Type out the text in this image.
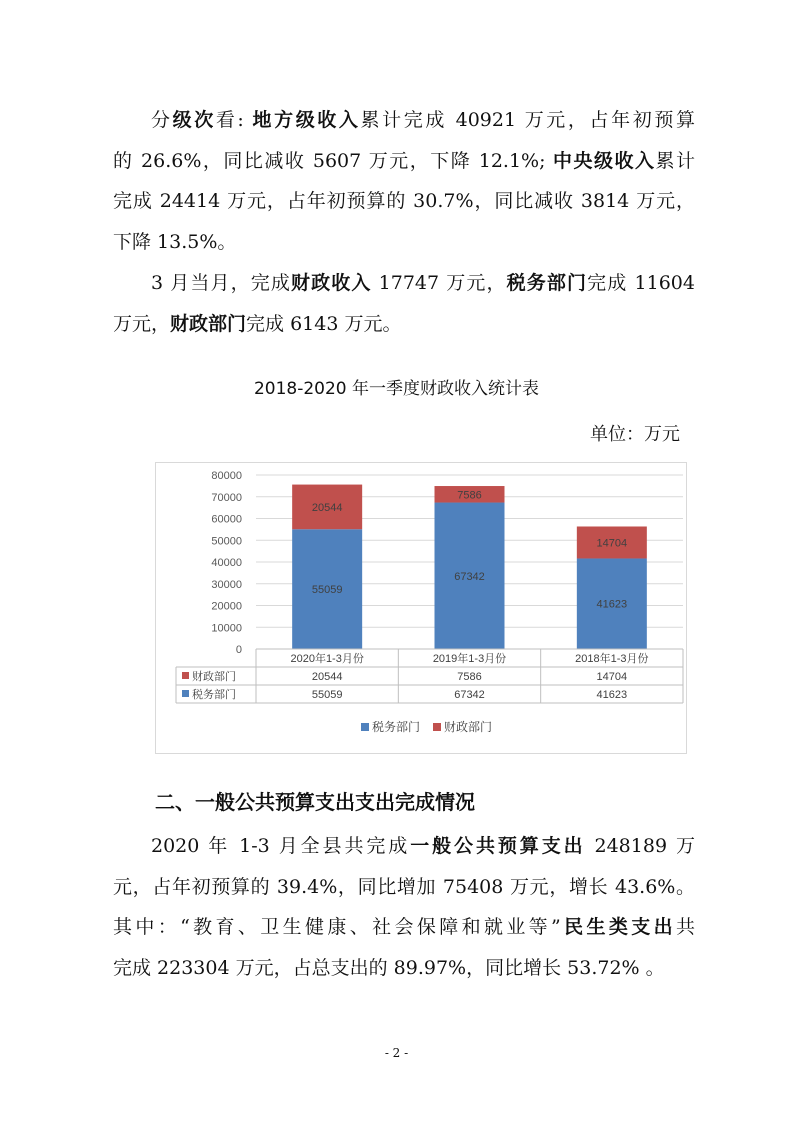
分级次看: 地方级收入累计完成 40921 万元，占年初预算
的 26.6%，同比减收 5607 万元，下降 12.1%; 中央级收入累计
完成 24414 万元，占年初预算的 30.7%，同比减收 3814 万元，
下降 13.5%。
3 月当月，完成财政收入 17747 万元，税务部门完成 11604
万元，财政部门完成 6143 万元。

2018-2020 年一季度财政收入统计表

单位：万元

0
10000
20000
30000
40000
50000
60000
70000
80000
55059
20544
67342
7586
41623
14704
2020年1-3月份	2019年1-3月份	2018年1-3月份
财政部门	20544	7586	14704
税务部门	55059	67342	41623
税务部门 财政部门

二、一般公共预算支出支出完成情况

2020 年 1-3 月全县共完成一般公共预算支出 248189 万
元，占年初预算的 39.4%，同比增加 75408 万元，增长 43.6%。
其中：“教育、卫生健康、社会保障和就业等”民生类支出共
完成 223304 万元，占总支出的 89.97%，同比增长 53.72% 。

- 2 -
